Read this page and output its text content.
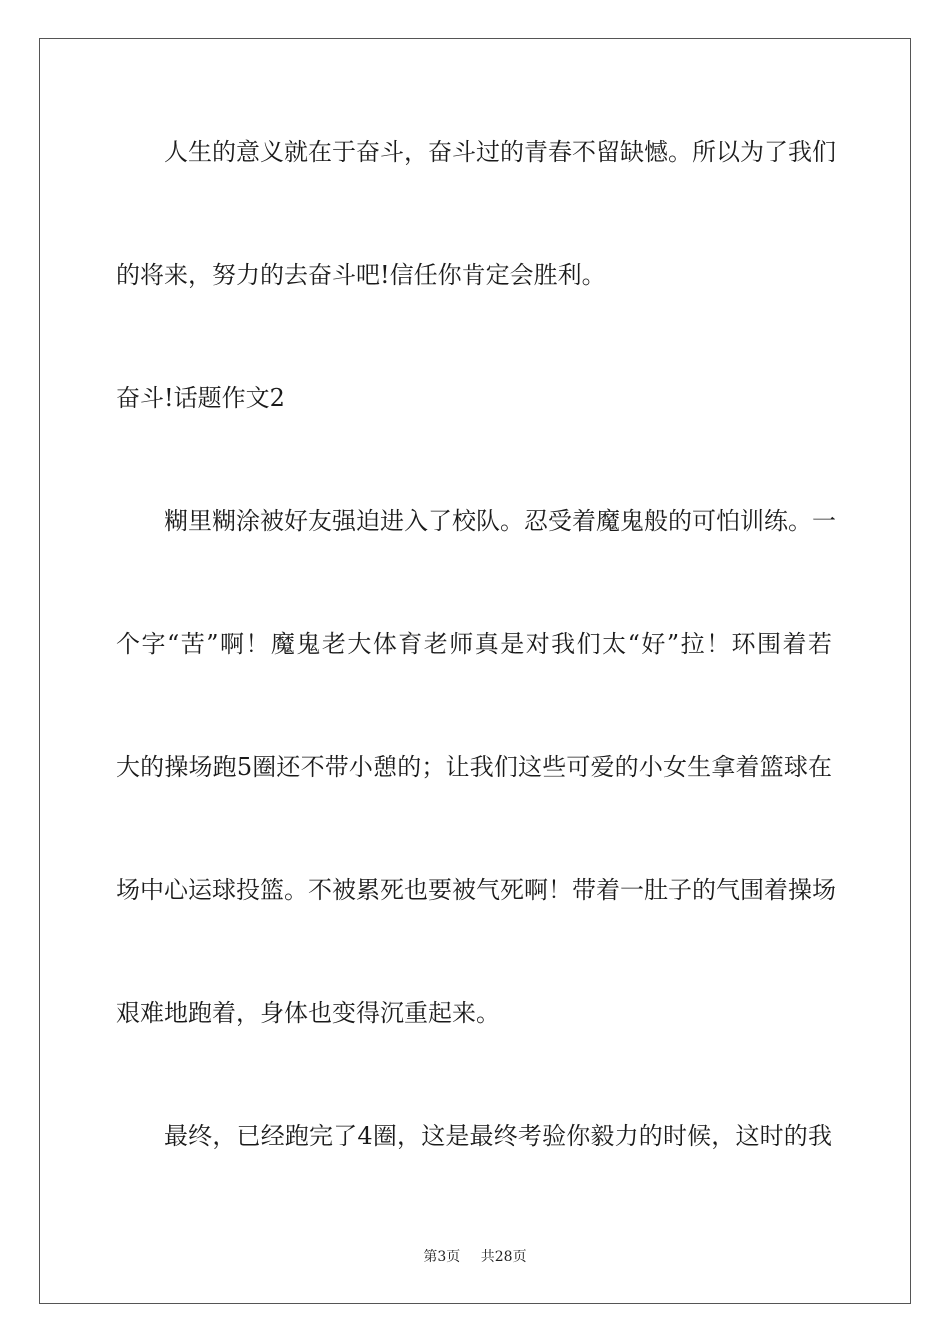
人生的意义就在于奋斗，奋斗过的青春不留缺憾。所以为了我们
的将来，努力的去奋斗吧!信任你肯定会胜利。
奋斗!话题作文2
糊里糊涂被好友强迫进入了校队。忍受着魔鬼般的可怕训练。一
个字“苦”啊！魔鬼老大体育老师真是对我们太“好”拉！环围着若
大的操场跑5圈还不带小憩的；让我们这些可爱的小女生拿着篮球在
场中心运球投篮。不被累死也要被气死啊！带着一肚子的气围着操场
艰难地跑着，身体也变得沉重起来。
最终，已经跑完了4圈，这是最终考验你毅力的时候，这时的我
第3页 共28页
